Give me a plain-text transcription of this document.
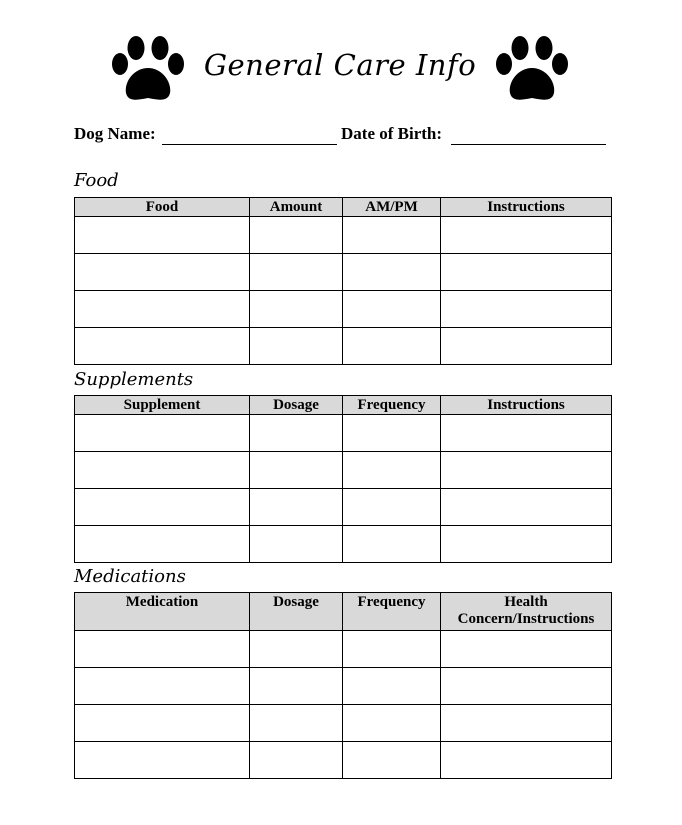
General Care Info
Dog Name:	Date of Birth:
Food
Food	Amount	AM/PM	Instructions

Supplements
Supplement	Dosage	Frequency	Instructions

Medications
Medication	Dosage	Frequency	Health Concern/Instructions
